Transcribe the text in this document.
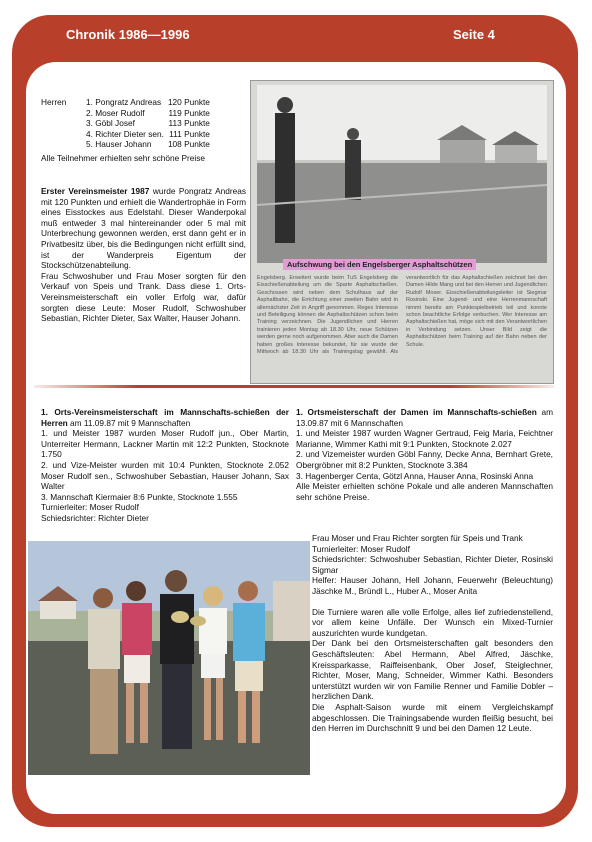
Chronik 1986—1996	Seite 4
Herren	1. Pongratz Andreas	120 Punkte
	2. Moser Rudolf	119 Punkte
	3. Göbl Josef	113 Punkte
	4. Richter Dieter sen.	111 Punkte
	5. Hauser Johann	108 Punkte
Alle Teilnehmer erhielten sehr schöne Preise

Erster Vereinsmeister 1987 wurde Pongratz Andreas mit 120 Punkten und erhielt die Wandertrophäe in Form eines Eisstockes aus Edelstahl. Dieser Wanderpokal muß entweder 3 mal hintereinander oder 5 mal mit Unterbrechung gewonnen werden, erst dann geht er in Privatbesitz über, bis die Bedingungen nicht erfüllt sind, ist der Wanderpreis Eigentum der Stockschützenabteilung.

Frau Schwoshuber und Frau Moser sorgten für den Verkauf von Speis und Trank. Dass diese 1. Orts-Vereinsmeisterschaft ein voller Erfolg war, dafür sorgten diese Leute: Moser Rudolf, Schwoshuber Sebastian, Richter Dieter, Sax Walter, Hauser Johann.

Aufschwung bei den Engelsberger Asphaltschützen
Engelsberg. Erweitert wurde beim TuS Engelsberg die Eisschießenabteilung um die Sparte Asphaltschießen. Geschossen wird neben dem Schulhaus auf der Asphaltbahn, die Errichtung einer zweiten Bahn wird in allernächster Zeit in Angriff genommen. Reges Interesse und Beteiligung können die Asphaltschützen schon beim Training verzeichnen. Die Jugendlichen und Herren trainieren jeden Montag ab 18.30 Uhr, neue Schützen werden gerne noch aufgenommen. Aber auch die Damen haben großes Interesse bekundet, für sie wurde der Mittwoch ab 18.30 Uhr als Trainingstag gewählt. Als verantwortlich für das Asphaltschießen zeichnet bei den Damen Hilde Mang und bei den Herren und Jugendlichen Rudolf Moser. Eisschießenabteilungsleiter ist Siegmar Rosinski. Eine Jugend- und eine Herrenmannschaft nimmt bereits am Punktespielbetrieb teil und konnte schon beachtliche Erfolge verbuchen. Wer Interesse am Asphaltschießen hat, möge sich mit den Verantwortlichen in Verbindung setzen. Unser Bild zeigt die Asphaltschützen beim Training auf der Bahn neben der Schule.

1. Orts-Vereinsmeisterschaft im Mannschafts-schießen der Herren am 11.09.87 mit 9 Mannschaften

1. und Meister 1987 wurden Moser Rudolf jun., Ober Martin, Unterreiter Hermann, Lackner Martin mit 12:2 Punkten, Stocknote 1.750

2. und Vize-Meister wurden mit 10:4 Punkten, Stocknote 2.052 Moser Rudolf sen., Schwoshuber Sebastian, Hauser Johann, Sax Walter

3. Mannschaft Kiermaier 8:6 Punkte, Stocknote 1.555

Turnierleiter: Moser Rudolf

Schiedsrichter: Richter Dieter

1. Ortsmeisterschaft der Damen im Mannschafts-schießen am 13.09.87 mit 6 Mannschaften

1. und Meister 1987 wurden Wagner Gertraud, Feig Maria, Feichtner Marianne, Wimmer Kathi mit 9:1 Punkten, Stocknote 2.027

2. und Vizemeister wurden Göbl Fanny, Decke Anna, Bernhart Grete, Obergröbner mit 8:2 Punkten, Stocknote 3.384

3. Hagenberger Centa, Götzl Anna, Hauser Anna, Rosinski Anna

Alle Meister erhielten schöne Pokale und alle anderen Mannschaften sehr schöne Preise.

Frau Moser und Frau Richter sorgten für Speis und Trank

Turnierleiter: Moser Rudolf

Schiedsrichter: Schwoshuber Sebastian, Richter Dieter, Rosinski Sigmar

Helfer: Hauser Johann, Hell Johann, Feuerwehr (Beleuchtung) Jäschke M., Bründl L., Huber A., Moser Anita

Die Turniere waren alle volle Erfolge, alles lief zufriedenstellend, vor allem keine Unfälle. Der Wunsch ein Mixed-Turnier auszurichten wurde kundgetan.

Der Dank bei den Ortsmeisterschaften galt besonders den Geschäftsleuten: Abel Hermann, Abel Alfred, Jäschke, Kreissparkasse, Raiffeisenbank, Ober Josef, Steiglechner, Richter, Moser, Mang, Schneider, Wimmer Kathi. Besonders unterstützt wurden wir von Familie Renner und Familie Dobler – herzlichen Dank.

Die Asphalt-Saison wurde mit einem Vergleichskampf abgeschlossen. Die Trainingsabende wurden fleißig besucht, bei den Herren im Durchschnitt 9 und bei den Damen 12 Leute.
